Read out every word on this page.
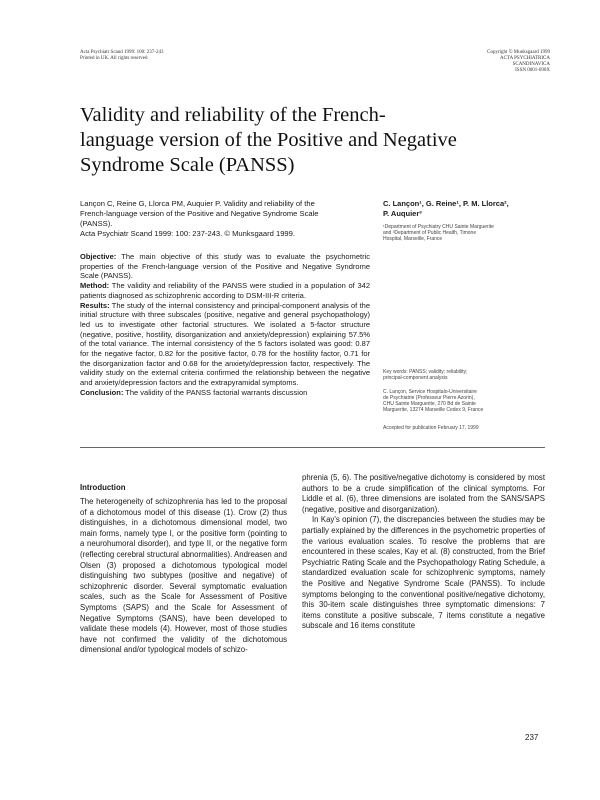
Acta Psychiatr Scand 1999: 100: 237-243
Printed in UK. All rights reserved
Copyright © Munksgaard 1999
ACTA PSYCHIATRICA
SCANDINAVICA
ISSN 0001-690X
Validity and reliability of the French-
language version of the Positive and Negative
Syndrome Scale (PANSS)
Lançon C, Reine G, Llorca PM, Auquier P. Validity and reliability of the
French-language version of the Positive and Negative Syndrome Scale
(PANSS).
Acta Psychiatr Scand 1999: 100: 237-243. © Munksgaard 1999.
C. Lançon¹, G. Reine¹, P. M. Llorca²,
P. Auquier³
¹Department of Psychiatry CHU Sainte Marguerite
and ³Department of Public Health, Timone
Hospital, Marseille, France

Objective: The main objective of this study was to evaluate the psychometric properties of the French-language version of the Positive and Negative Syndrome Scale (PANSS).

Method: The validity and reliability of the PANSS were studied in a population of 342 patients diagnosed as schizophrenic according to DSM-III-R criteria.

Results: The study of the internal consistency and principal-component analysis of the initial structure with three subscales (positive, negative and general psychopathology) led us to investigate other factorial structures. We isolated a 5-factor structure (negative, positive, hostility, disorganization and anxiety/depression) explaining 57.5% of the total variance. The internal consistency of the 5 factors isolated was good: 0.87 for the negative factor, 0.82 for the positive factor, 0.78 for the hostility factor, 0.71 for the disorganization factor and 0.68 for the anxiety/depression factor, respectively. The validity study on the external criteria confirmed the relationship between the negative and anxiety/depression factors and the extrapyramidal symptoms.

Conclusion: The validity of the PANSS factorial warrants discussion

Key words: PANSS; validity; reliability;
principal-component analysis
C. Lançon, Service Hospitalo-Universitaire
de Psychiatrie (Professeur Pierre Azorin),
CHU Sainte Marguerite, 270 Bd de Sainte
Marguerite, 13274 Marseille Cedex 9, France
Accepted for publication February 17, 1999
Introduction

The heterogeneity of schizophrenia has led to the proposal of a dichotomous model of this disease (1). Crow (2) thus distinguishes, in a dichotomous dimensional model, two main forms, namely type I, or the positive form (pointing to a neurohumoral disorder), and type II, or the negative form (reflecting cerebral structural abnormalities). Andreasen and Olsen (3) proposed a dichotomous typological model distinguishing two subtypes (positive and negative) of schizophrenic disorder. Several symptomatic evaluation scales, such as the Scale for Assessment of Positive Symptoms (SAPS) and the Scale for Assessment of Negative Symptoms (SANS), have been developed to validate these models (4). However, most of those studies have not confirmed the validity of the dichotomous dimensional and/or typological models of schizo-

phrenia (5, 6). The positive/negative dichotomy is considered by most authors to be a crude simplification of the clinical symptoms. For Liddle et al. (6), three dimensions are isolated from the SANS/SAPS (negative, positive and disorganization).

In Kay's opinion (7), the discrepancies between the studies may be partially explained by the differences in the psychometric properties of the various evaluation scales. To resolve the problems that are encountered in these scales, Kay et al. (8) constructed, from the Brief Psychiatric Rating Scale and the Psychopathology Rating Schedule, a standardized evaluation scale for schizophrenic symptoms, namely the Positive and Negative Syndrome Scale (PANSS). To include symptoms belonging to the conventional positive/negative dichotomy, this 30-item scale distinguishes three symptomatic dimensions: 7 items constitute a positive subscale, 7 items constitute a negative subscale and 16 items constitute

237
